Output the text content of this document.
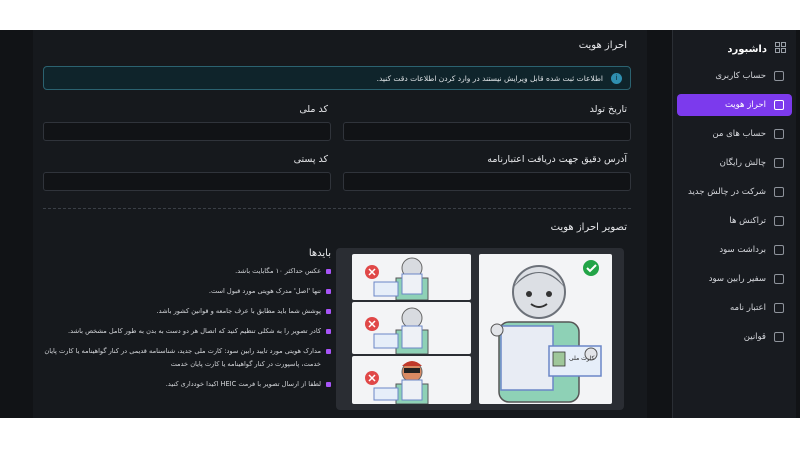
داشبورد
حساب کاربری
احراز هویت
حساب های من
چالش رایگان
شرکت در چالش جدید
تراکنش ها
برداشت سود
سفیر رابین سود
اعتبار نامه
قوانین
احراز هویت
i
اطلاعات ثبت شده قابل ویرایش نیستند در وارد کردن اطلاعات دقت کنید.
تاریخ تولد
کد ملی
آدرس دقیق جهت دریافت اعتبارنامه
کد پستی
تصویر احراز هویت
بایدها
عکس حداکثر ۱۰ مگابایت باشد.
تنها 'اصل' مدرک هویتی مورد قبول است.
پوشش شما باید مطابق با عرف جامعه و قوانین کشور باشد.
کادر تصویر را به شکلی تنظیم کنید که اتصال هر دو دست به بدن به طور کامل مشخص باشد.
مدارک هویتی مورد تایید رابین سود: کارت ملی جدید، شناسنامه قدیمی در کنار گواهینامه یا کارت پایان خدمت، پاسپورت در کنار گواهینامه یا کارت پایان خدمت
لطفا از ارسال تصویر با فرمت HEIC اکیدا خودداری کنید.
کارت ملی
